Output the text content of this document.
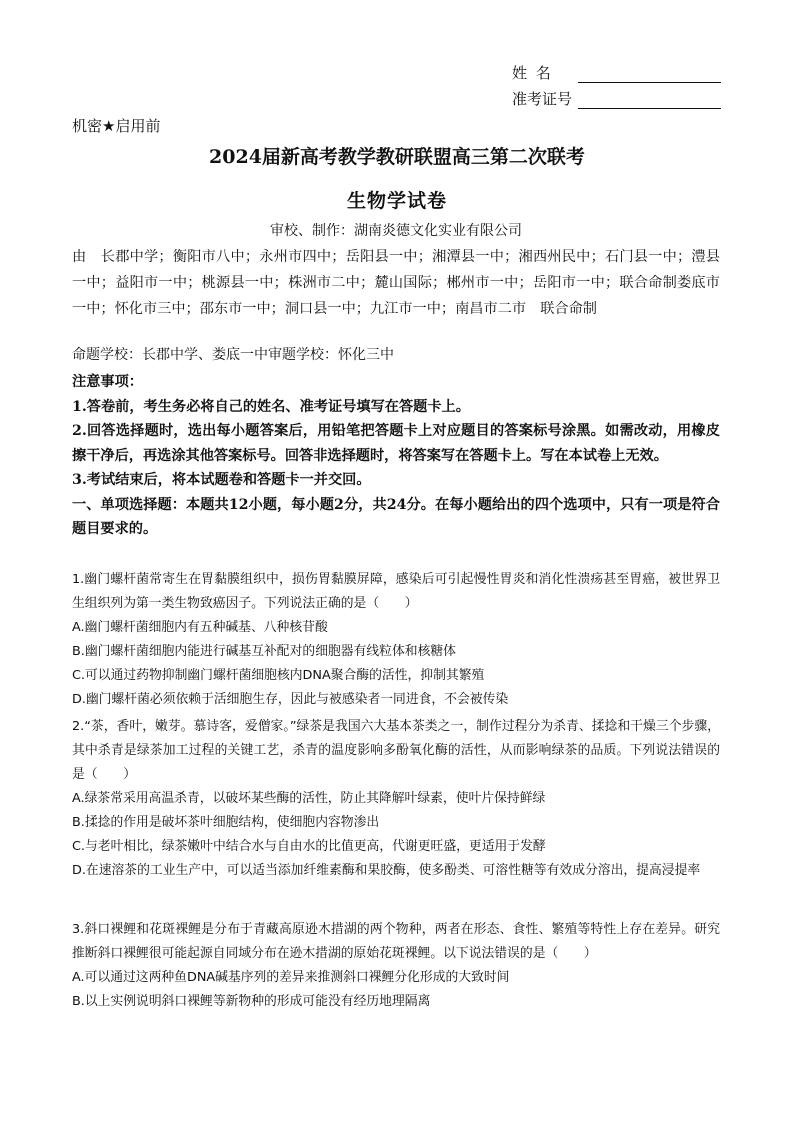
姓 名
准考证号
机密★启用前
2024届新高考教学教研联盟高三第二次联考
生物学试卷
审校、制作：湖南炎德文化实业有限公司
由　长郡中学；衡阳市八中；永州市四中；岳阳县一中；湘潭县一中；湘西州民中；石门县一中；澧县一中；益阳市一中；桃源县一中；株洲市二中；麓山国际；郴州市一中；岳阳市一中；联合命制娄底市一中；怀化市三中；邵东市一中；洞口县一中；九江市一中；南昌市二市　联合命制
命题学校：长郡中学、娄底一中审题学校：怀化三中
注意事项：
1.答卷前，考生务必将自己的姓名、准考证号填写在答题卡上。
2.回答选择题时，选出每小题答案后，用铅笔把答题卡上对应题目的答案标号涂黑。如需改动，用橡皮擦干净后，再选涂其他答案标号。回答非选择题时，将答案写在答题卡上。写在本试卷上无效。
3.考试结束后，将本试题卷和答题卡一并交回。
一、单项选择题：本题共12小题，每小题2分，共24分。在每小题给出的四个选项中，只有一项是符合题目要求的。

1.幽门螺杆菌常寄生在胃黏膜组织中，损伤胃黏膜屏障，感染后可引起慢性胃炎和消化性溃疡甚至胃癌，被世界卫生组织列为第一类生物致癌因子。下列说法正确的是（　　）

A.幽门螺杆菌细胞内有五种碱基、八种核苷酸

B.幽门螺杆菌细胞内能进行碱基互补配对的细胞器有线粒体和核糖体

C.可以通过药物抑制幽门螺杆菌细胞核内DNA聚合酶的活性，抑制其繁殖

D.幽门螺杆菌必须依赖于活细胞生存，因此与被感染者一同进食，不会被传染

2.“茶，香叶，嫩芽。慕诗客，爱僧家。”绿茶是我国六大基本茶类之一，制作过程分为杀青、揉捻和干燥三个步骤，其中杀青是绿茶加工过程的关键工艺，杀青的温度影响多酚氧化酶的活性，从而影响绿茶的品质。下列说法错误的是（　　）

A.绿茶常采用高温杀青，以破坏某些酶的活性，防止其降解叶绿素，使叶片保持鲜绿

B.揉捻的作用是破坏茶叶细胞结构，使细胞内容物渗出

C.与老叶相比，绿茶嫩叶中结合水与自由水的比值更高，代谢更旺盛，更适用于发酵

D.在速溶茶的工业生产中，可以适当添加纤维素酶和果胶酶，使多酚类、可溶性糖等有效成分溶出，提高浸提率

3.斜口裸鲤和花斑裸鲤是分布于青藏高原逊木措湖的两个物种，两者在形态、食性、繁殖等特性上存在差异。研究推断斜口裸鲤很可能起源自同域分布在逊木措湖的原始花斑裸鲤。以下说法错误的是（　　）

A.可以通过这两种鱼DNA碱基序列的差异来推测斜口裸鲤分化形成的大致时间

B.以上实例说明斜口裸鲤等新物种的形成可能没有经历地理隔离
